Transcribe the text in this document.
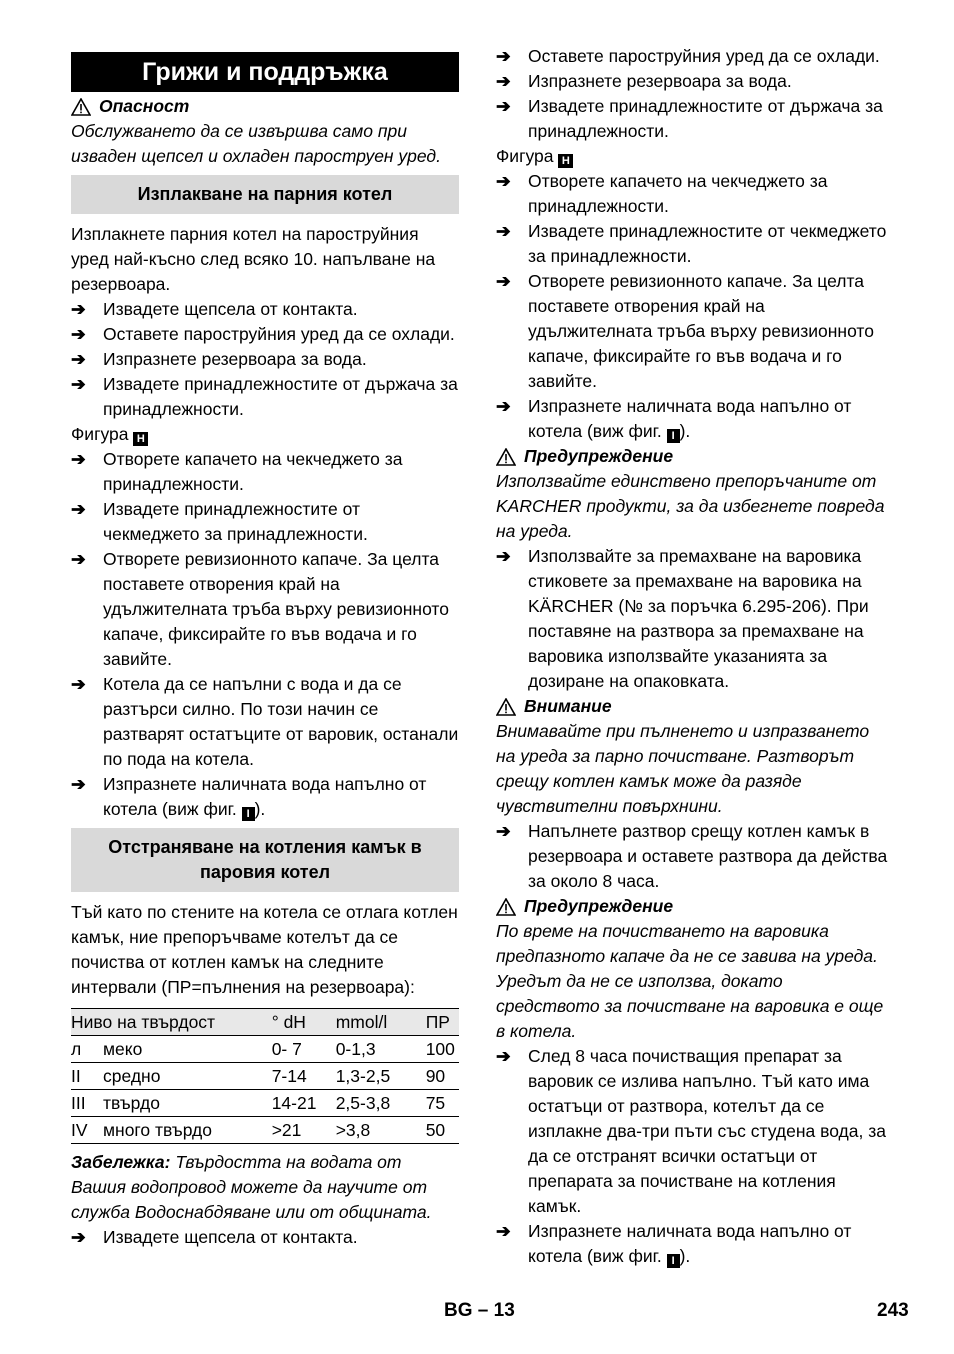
Грижи и поддръжка
Опасност
Обслужването да се извършва само при изваден щепсел и охладен пароструен уред.
Изплакване на парния котел
Изплакнете парния котел на пароструйния уред най-късно след всяко 10. напълване на резервоара.
➔ Извадете щепсела от контакта.
➔ Оставете пароструйния уред да се охлади.
➔ Изпразнете резервоара за вода.
➔ Извадете принадлежностите от държача за принадлежности.
Фигура H
➔ Отворете капачето на чекчеджето за принадлежности.
➔ Извадете принадлежностите от чекмеджето за принадлежности.
➔ Отворете ревизионното капаче. За целта поставете отворения край на удължителната тръба върху ревизионното капаче, фиксирайте го във водача и го завийте.
➔ Котела да се напълни с вода и да се разтърси силно. По този начин се разтварят остатъците от варовик, останали по пода на котела.
➔ Изпразнете наличната вода напълно от котела (виж фиг. I ).
Отстраняване на котления камък в паровия котел
Тъй като по стените на котела се отлага котлен камък, ние препоръчваме котелът да се почиства от котлен камък на следните интервали (ПР=пълнения на резервоара):
Ниво на твърдост		° dH	mmol/l	ПР
л	меко	0- 7	0-1,3	100
II	средно	7-14	1,3-2,5	90
III	твърдо	14-21	2,5-3,8	75
IV	много твърдо	>21	>3,8	50
Забележка: Твърдостта на водата от Вашия водопровод можете да научите от служба Водоснабдяване или от общината.
➔ Извадете щепсела от контакта.
➔ Оставете пароструйния уред да се охлади.
➔ Изпразнете резервоара за вода.
➔ Извадете принадлежностите от държача за принадлежности.
Фигура H
➔ Отворете капачето на чекчеджето за принадлежности.
➔ Извадете принадлежностите от чекмеджето за принадлежности.
➔ Отворете ревизионното капаче. За целта поставете отворения край на удължителната тръба върху ревизионното капаче, фиксирайте го във водача и го завийте.
➔ Изпразнете наличната вода напълно от котела (виж фиг. I ).
Предупреждение
Използвайте единствено препоръчаните от KARCHER продукти, за да избегнете повреда на уреда.
➔ Използвайте за премахване на варовика стиковете за премахване на варовика на KÄRCHER (№ за поръчка 6.295-206). При поставяне на разтвора за премахване на варовика използвайте указанията за дозиране на опаковката.
Внимание
Внимавайте при пълненето и изпразването на уреда за парно почистване. Разтворът срещу котлен камък може да разяде чувствителни повърхнини.
➔ Напълнете разтвор срещу котлен камък в резервоара и оставете разтвора да действа за около 8 часа.
Предупреждение
По време на почистването на варовика предпазното капаче да не се завива на уреда.
Уредът да не се използва, докато средството за почистване на варовика е още в котела.
➔ След 8 часа почистващия препарат за варовик се излива напълно. Тъй като има остатъци от разтвора, котелът да се изплакне два-три пъти със студена вода, за да се отстранят всички остатъци от препарата за почистване на котления камък.
➔ Изпразнете наличната вода напълно от котела (виж фиг. I ).
BG – 13	243
